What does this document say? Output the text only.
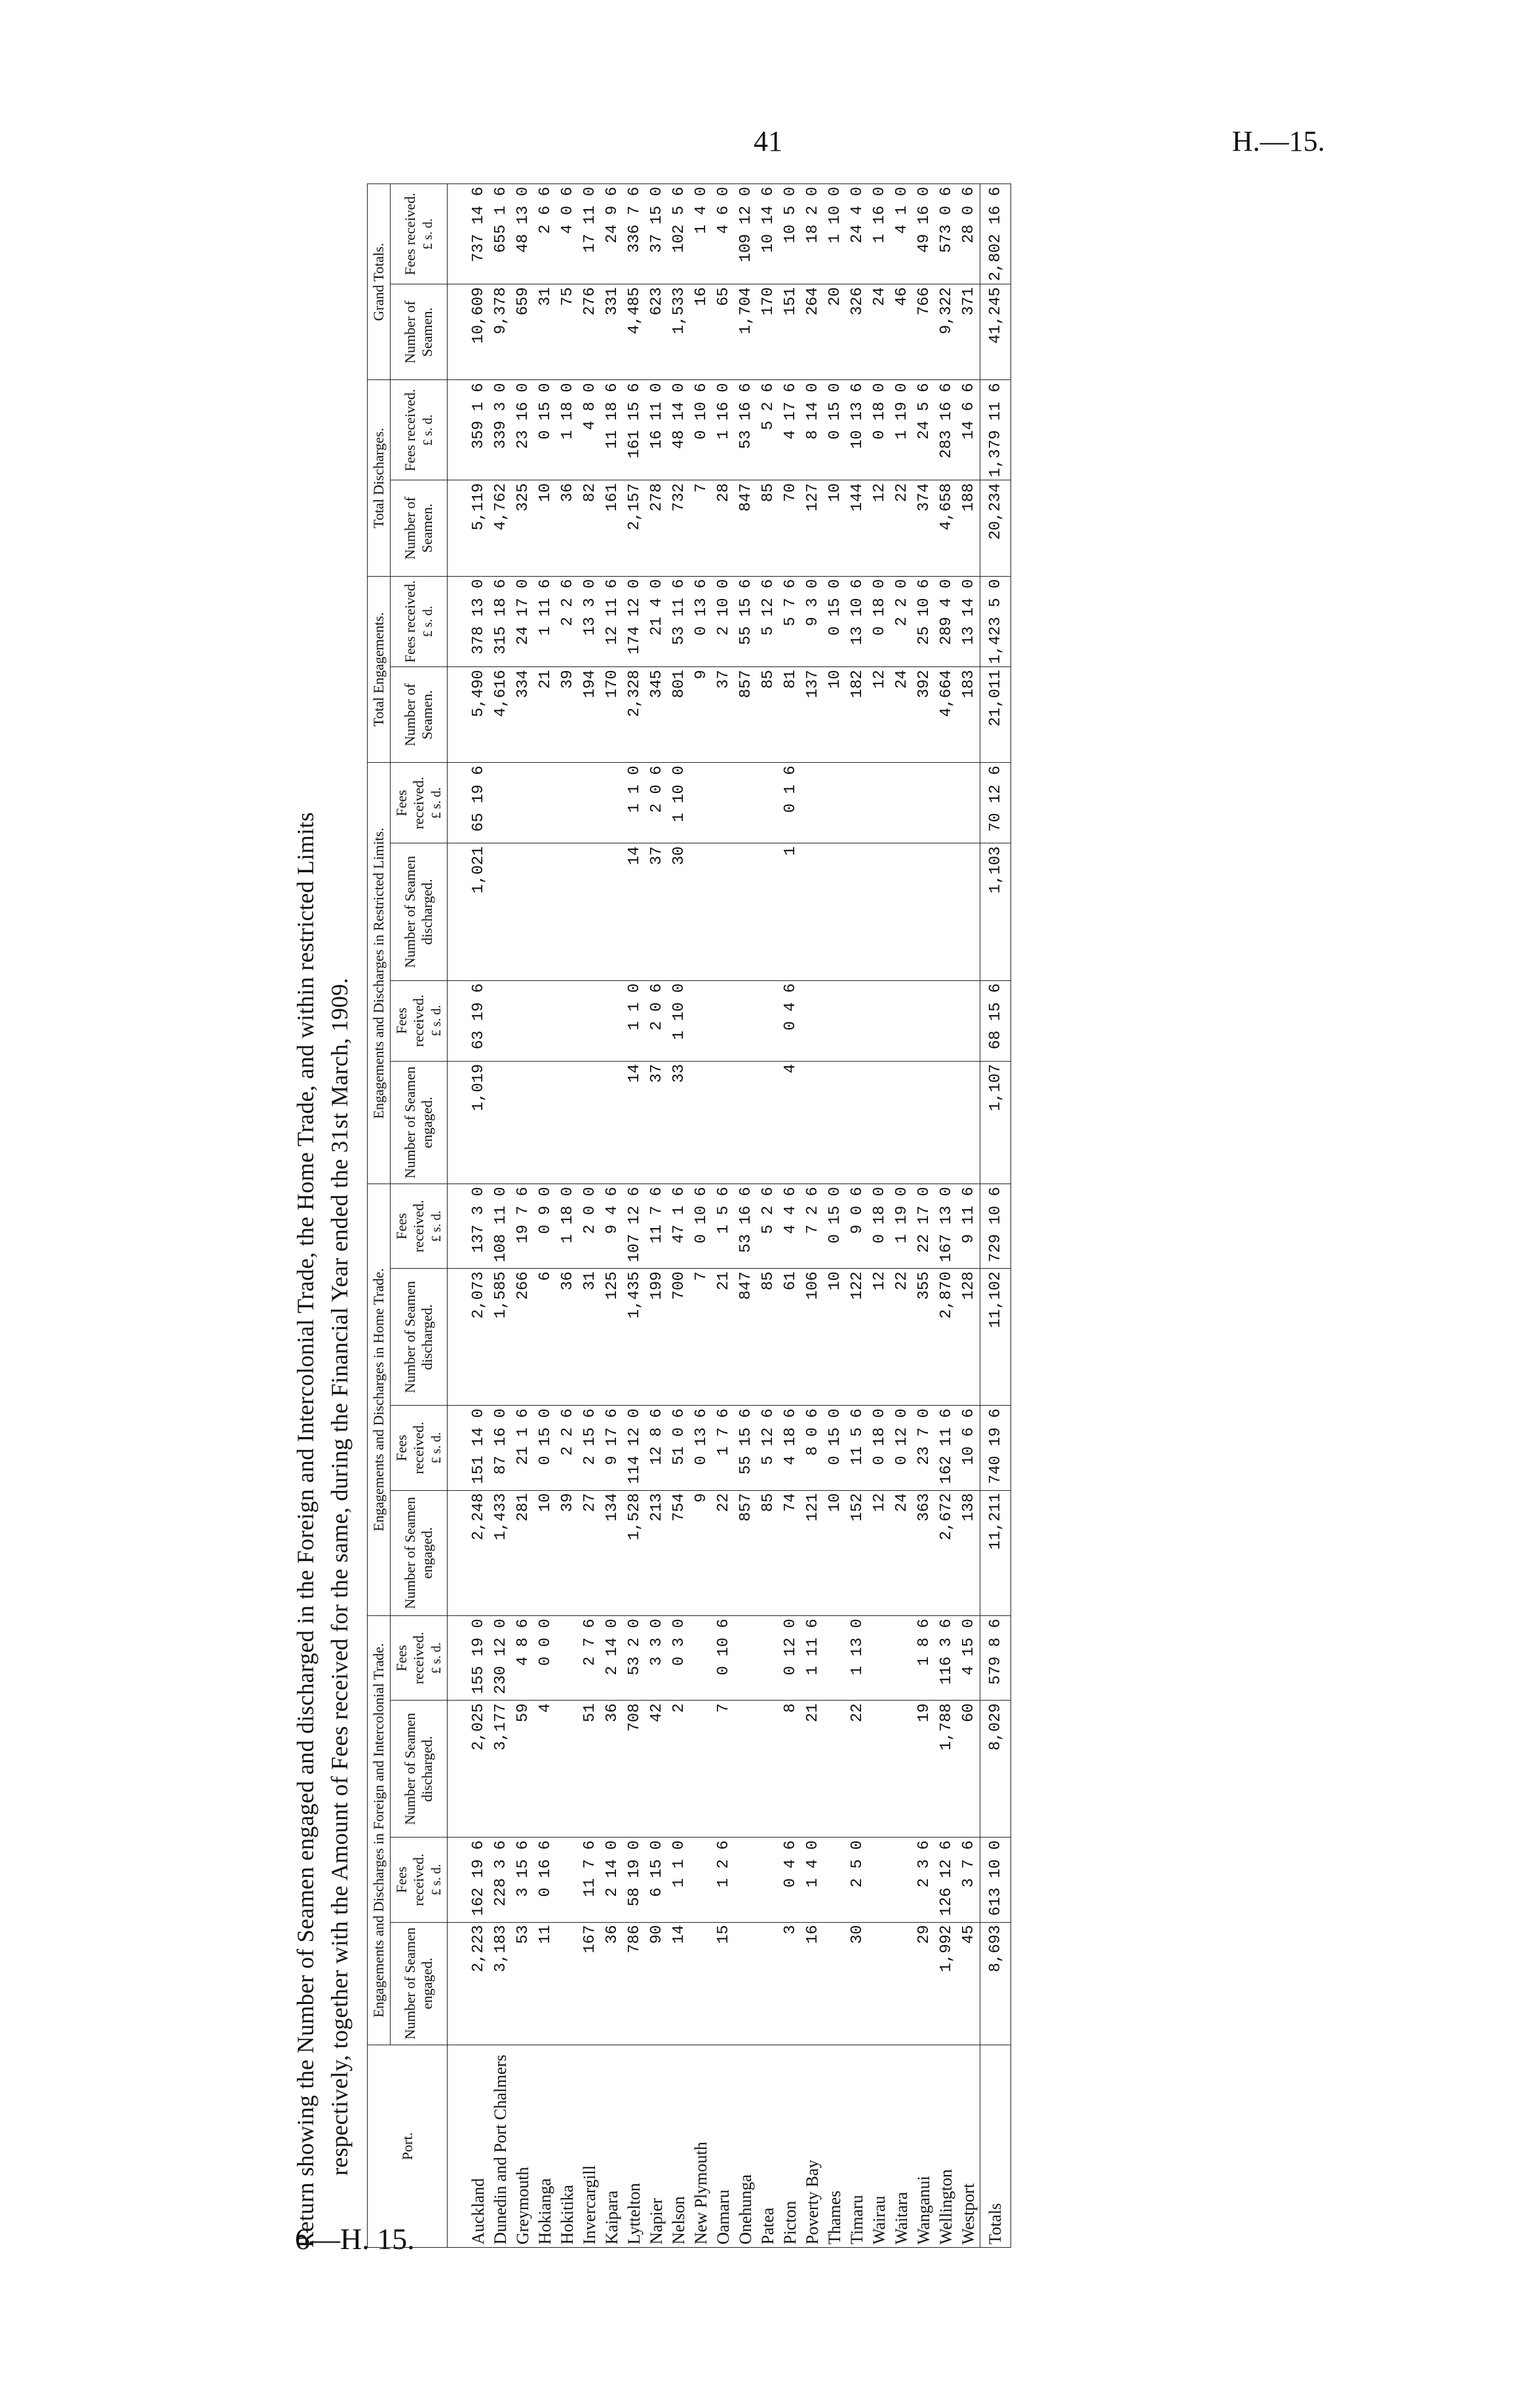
41	H.—15.
6—H. 15.
Return showing the Number of Seamen engaged and discharged in the Foreign and Intercolonial Trade, the Home Trade, and within restricted Limits respectively, together with the Amount of Fees received for the same, during the Financial Year ended the 31st March, 1909.	Port.	Engagements and Discharges in Foreign and Intercolonial Trade.				Engagements and Discharges in Home Trade.				Engagements and Discharges in Restricted Limits.				Total Engagements.		Total Discharges.		Grand Totals.	
	Number of Seamen engaged.	Fees received. £ s. d.	Number of Seamen discharged.	Fees received. £ s. d.	Number of Seamen engaged.	Fees received. £ s. d.	Number of Seamen discharged.	Fees received. £ s. d.	Number of Seamen engaged.	Fees received. £ s. d.	Number of Seamen discharged.	Fees received. £ s. d.	Number of Seamen.	Fees received. £ s. d.	Number of Seamen.	Fees received. £ s. d.	Number of Seamen.	Fees received. £ s. d.
Auckland	2,223	162 19 6	2,025	155 19 0	2,248	151 14 0	2,073	137 3 0	1,019	63 19 6	1,021	65 19 6	5,490	378 13 0	5,119	359 1 6	10,609	737 14 6
Dunedin and Port Chalmers	3,183	228 3 6	3,177	230 12 0	1,433	87 16 0	1,585	108 11 0					4,616	315 18 6	4,762	339 3 0	9,378	655 1 6
Greymouth	53	3 15 6	59	4 8 6	281	21 1 6	266	19 7 6					334	24 17 0	325	23 16 0	659	48 13 0
Hokianga	11	0 16 6	4	0 0 0	10	0 15 0	6	0 9 0					21	1 11 6	10	0 15 0	31	2 6 6
Hokitika					39	2 2 6	36	1 18 0					39	2 2 6	36	1 18 0	75	4 0 6
Invercargill	167	11 7 6	51	2 7 6	27	2 15 6	31	2 0 0					194	13 3 0	82	4 8 0	276	17 11 0
Kaipara	36	2 14 0	36	2 14 0	134	9 17 6	125	9 4 6					170	12 11 6	161	11 18 6	331	24 9 6
Lyttelton	786	58 19 0	708	53 2 0	1,528	114 12 0	1,435	107 12 6	14	1 1 0	14	1 1 0	2,328	174 12 0	2,157	161 15 6	4,485	336 7 6
Napier	90	6 15 0	42	3 3 0	213	12 8 6	199	11 7 6	37	2 0 6	37	2 0 6	345	21 4 0	278	16 11 0	623	37 15 0
Nelson	14	1 1 0	2	0 3 0	754	51 0 6	700	47 1 6	33	1 10 0	30	1 10 0	801	53 11 6	732	48 14 0	1,533	102 5 6
New Plymouth					9	0 13 6	7	0 10 6					9	0 13 6	7	0 10 6	16	1 4 0
Oamaru	15	1 2 6	7	0 10 6	22	1 7 6	21	1 5 6					37	2 10 0	28	1 16 0	65	4 6 0
Onehunga					857	55 15 6	847	53 16 6					857	55 15 6	847	53 16 6	1,704	109 12 0
Patea					85	5 12 6	85	5 2 6					85	5 12 6	85	5 2 6	170	10 14 6
Picton	3	0 4 6	8	0 12 0	74	4 18 6	61	4 4 6	4	0 4 6	1	0 1 6	81	5 7 6	70	4 17 6	151	10 5 0
Poverty Bay	16	1 4 0	21	1 11 6	121	8 0 6	106	7 2 6					137	9 3 0	127	8 14 0	264	18 2 0
Thames					10	0 15 0	10	0 15 0					10	0 15 0	10	0 15 0	20	1 10 0
Timaru	30	2 5 0	22	1 13 0	152	11 5 6	122	9 0 6					182	13 10 6	144	10 13 6	326	24 4 0
Wairau					12	0 18 0	12	0 18 0					12	0 18 0	12	0 18 0	24	1 16 0
Waitara					24	0 12 0	22	1 19 0					24	2 2 0	22	1 19 0	46	4 1 0
Wanganui	29	2 3 6	19	1 8 6	363	23 7 0	355	22 17 0					392	25 10 6	374	24 5 6	766	49 16 0
Wellington	1,992	126 12 6	1,788	116 3 6	2,672	162 11 6	2,870	167 13 0					4,664	289 4 0	4,658	283 16 6	9,322	573 0 6
Westport	45	3 7 6	60	4 15 0	138	10 6 6	128	9 11 6					183	13 14 0	188	14 6 6	371	28 0 6
Totals	8,693	613 10 0	8,029	579 8 6	11,211	740 19 6	11,102	729 10 6	1,107	68 15 6	1,103	70 12 6	21,011	1,423 5 0	20,234	1,379 11 6	41,245	2,802 16 6
